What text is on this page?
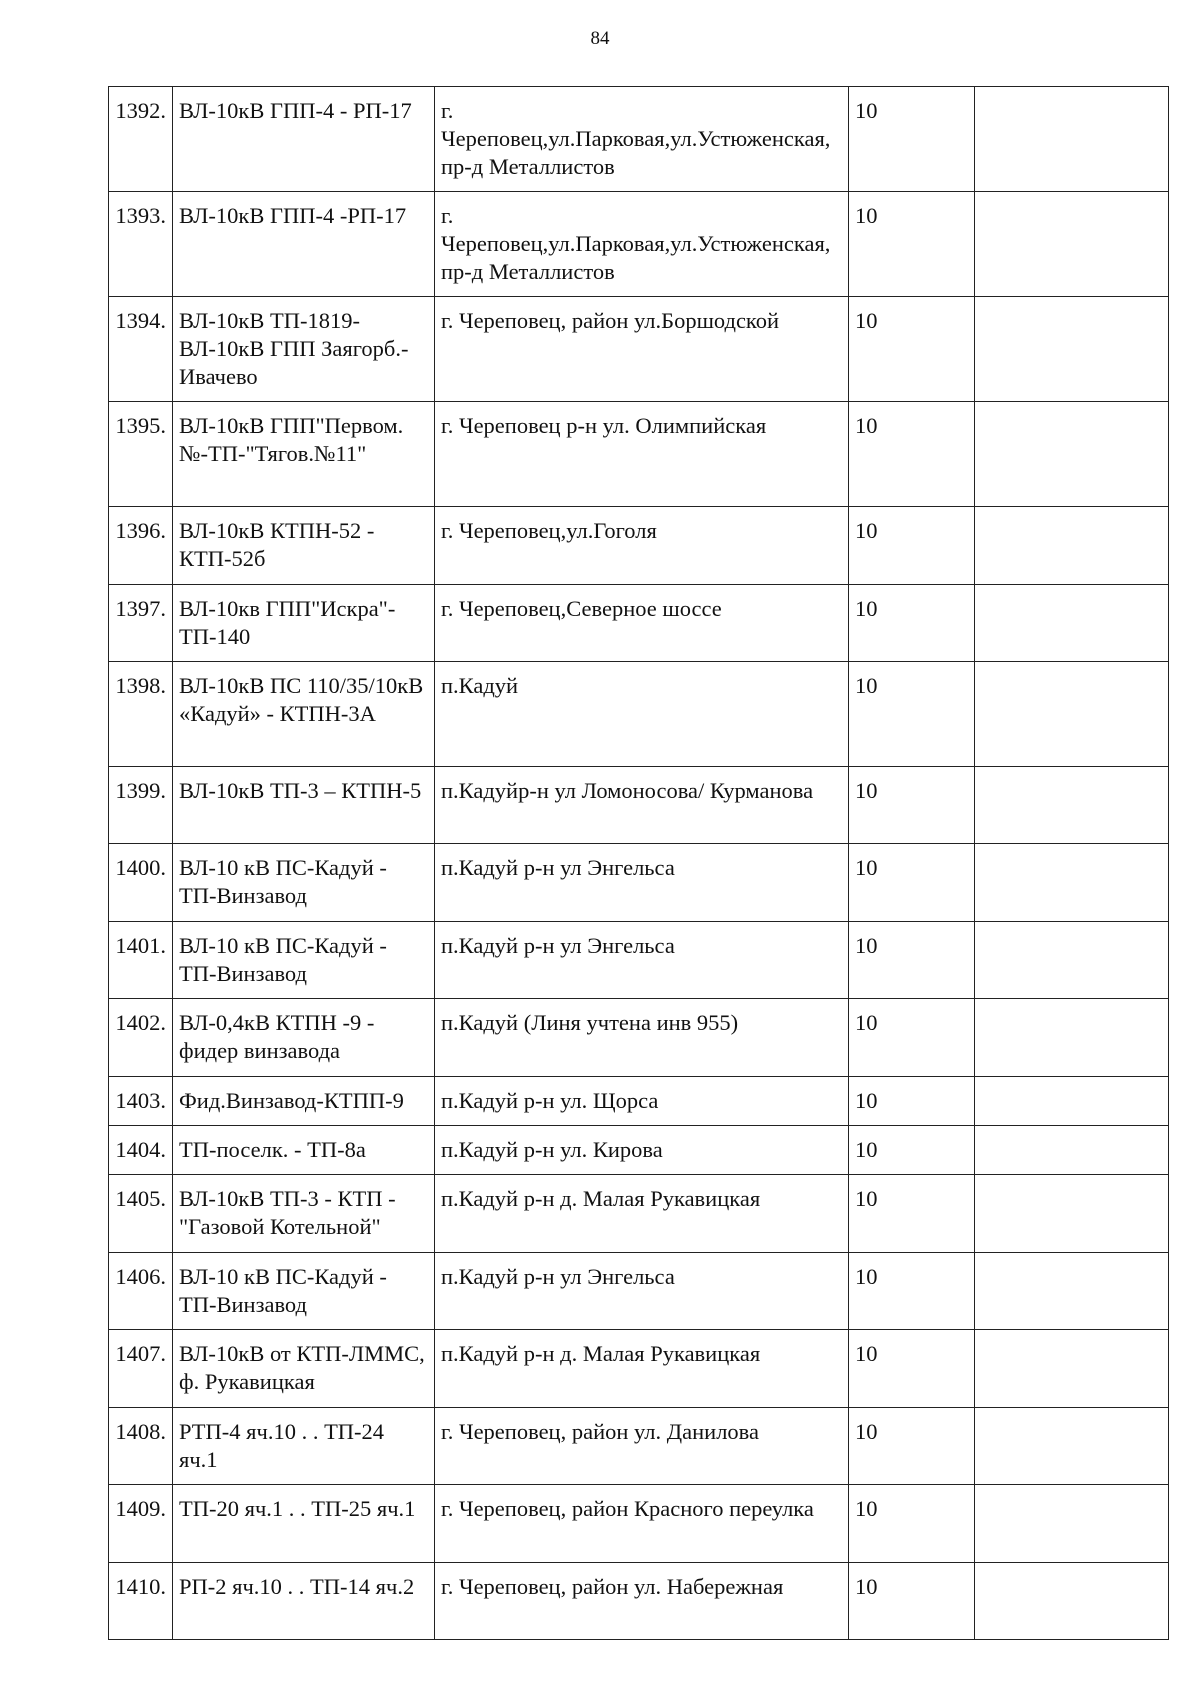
84
1392.	ВЛ-10кВ ГПП-4 - РП-17	г. Череповец,ул.Парковая,ул.Устюженская,пр-д Металлистов	10	
1393.	ВЛ-10кВ ГПП-4 -РП-17	г. Череповец,ул.Парковая,ул.Устюженская,пр-д Металлистов	10	
1394.	ВЛ-10кВ ТП-1819-ВЛ-10кВ ГПП Заягорб.-Ивачево	г. Череповец, район ул.Боршодской	10	
1395.	ВЛ-10кВ ГПП"Первом.№-ТП-"Тягов.№11"	г. Череповец р-н ул. Олимпийская	10	
1396.	ВЛ-10кВ КТПН-52 - КТП-52б	г. Череповец,ул.Гоголя	10	
1397.	ВЛ-10кв ГПП"Искра"-ТП-140	г. Череповец,Северное шоссе	10	
1398.	ВЛ-10кВ ПС 110/35/10кВ «Кадуй» - КТПН-3А	п.Кадуй	10	
1399.	ВЛ-10кВ ТП-3 – КТПН-5	п.Кадуйр-н ул Ломоносова/ Курманова	10	
1400.	ВЛ-10 кВ ПС-Кадуй - ТП-Винзавод	п.Кадуй р-н ул Энгельса	10	
1401.	ВЛ-10 кВ ПС-Кадуй - ТП-Винзавод	п.Кадуй р-н ул Энгельса	10	
1402.	ВЛ-0,4кВ КТПН -9 - фидер винзавода	п.Кадуй (Линя учтена инв 955)	10	
1403.	Фид.Винзавод-КТПП-9	п.Кадуй р-н ул. Щорса	10	
1404.	ТП-поселк. - ТП-8а	п.Кадуй р-н ул. Кирова	10	
1405.	ВЛ-10кВ ТП-3 - КТП - "Газовой Котельной"	п.Кадуй р-н д. Малая Рукавицкая	10	
1406.	ВЛ-10 кВ ПС-Кадуй - ТП-Винзавод	п.Кадуй р-н ул Энгельса	10	
1407.	ВЛ-10кВ от КТП-ЛММС, ф. Рукавицкая	п.Кадуй р-н д. Малая Рукавицкая	10	
1408.	РТП-4 яч.10 . . ТП-24 яч.1	г. Череповец, район ул. Данилова	10	
1409.	ТП-20 яч.1 . . ТП-25 яч.1	г. Череповец, район Красного переулка	10	
1410.	РП-2 яч.10 . . ТП-14 яч.2	г. Череповец, район ул. Набережная	10	
